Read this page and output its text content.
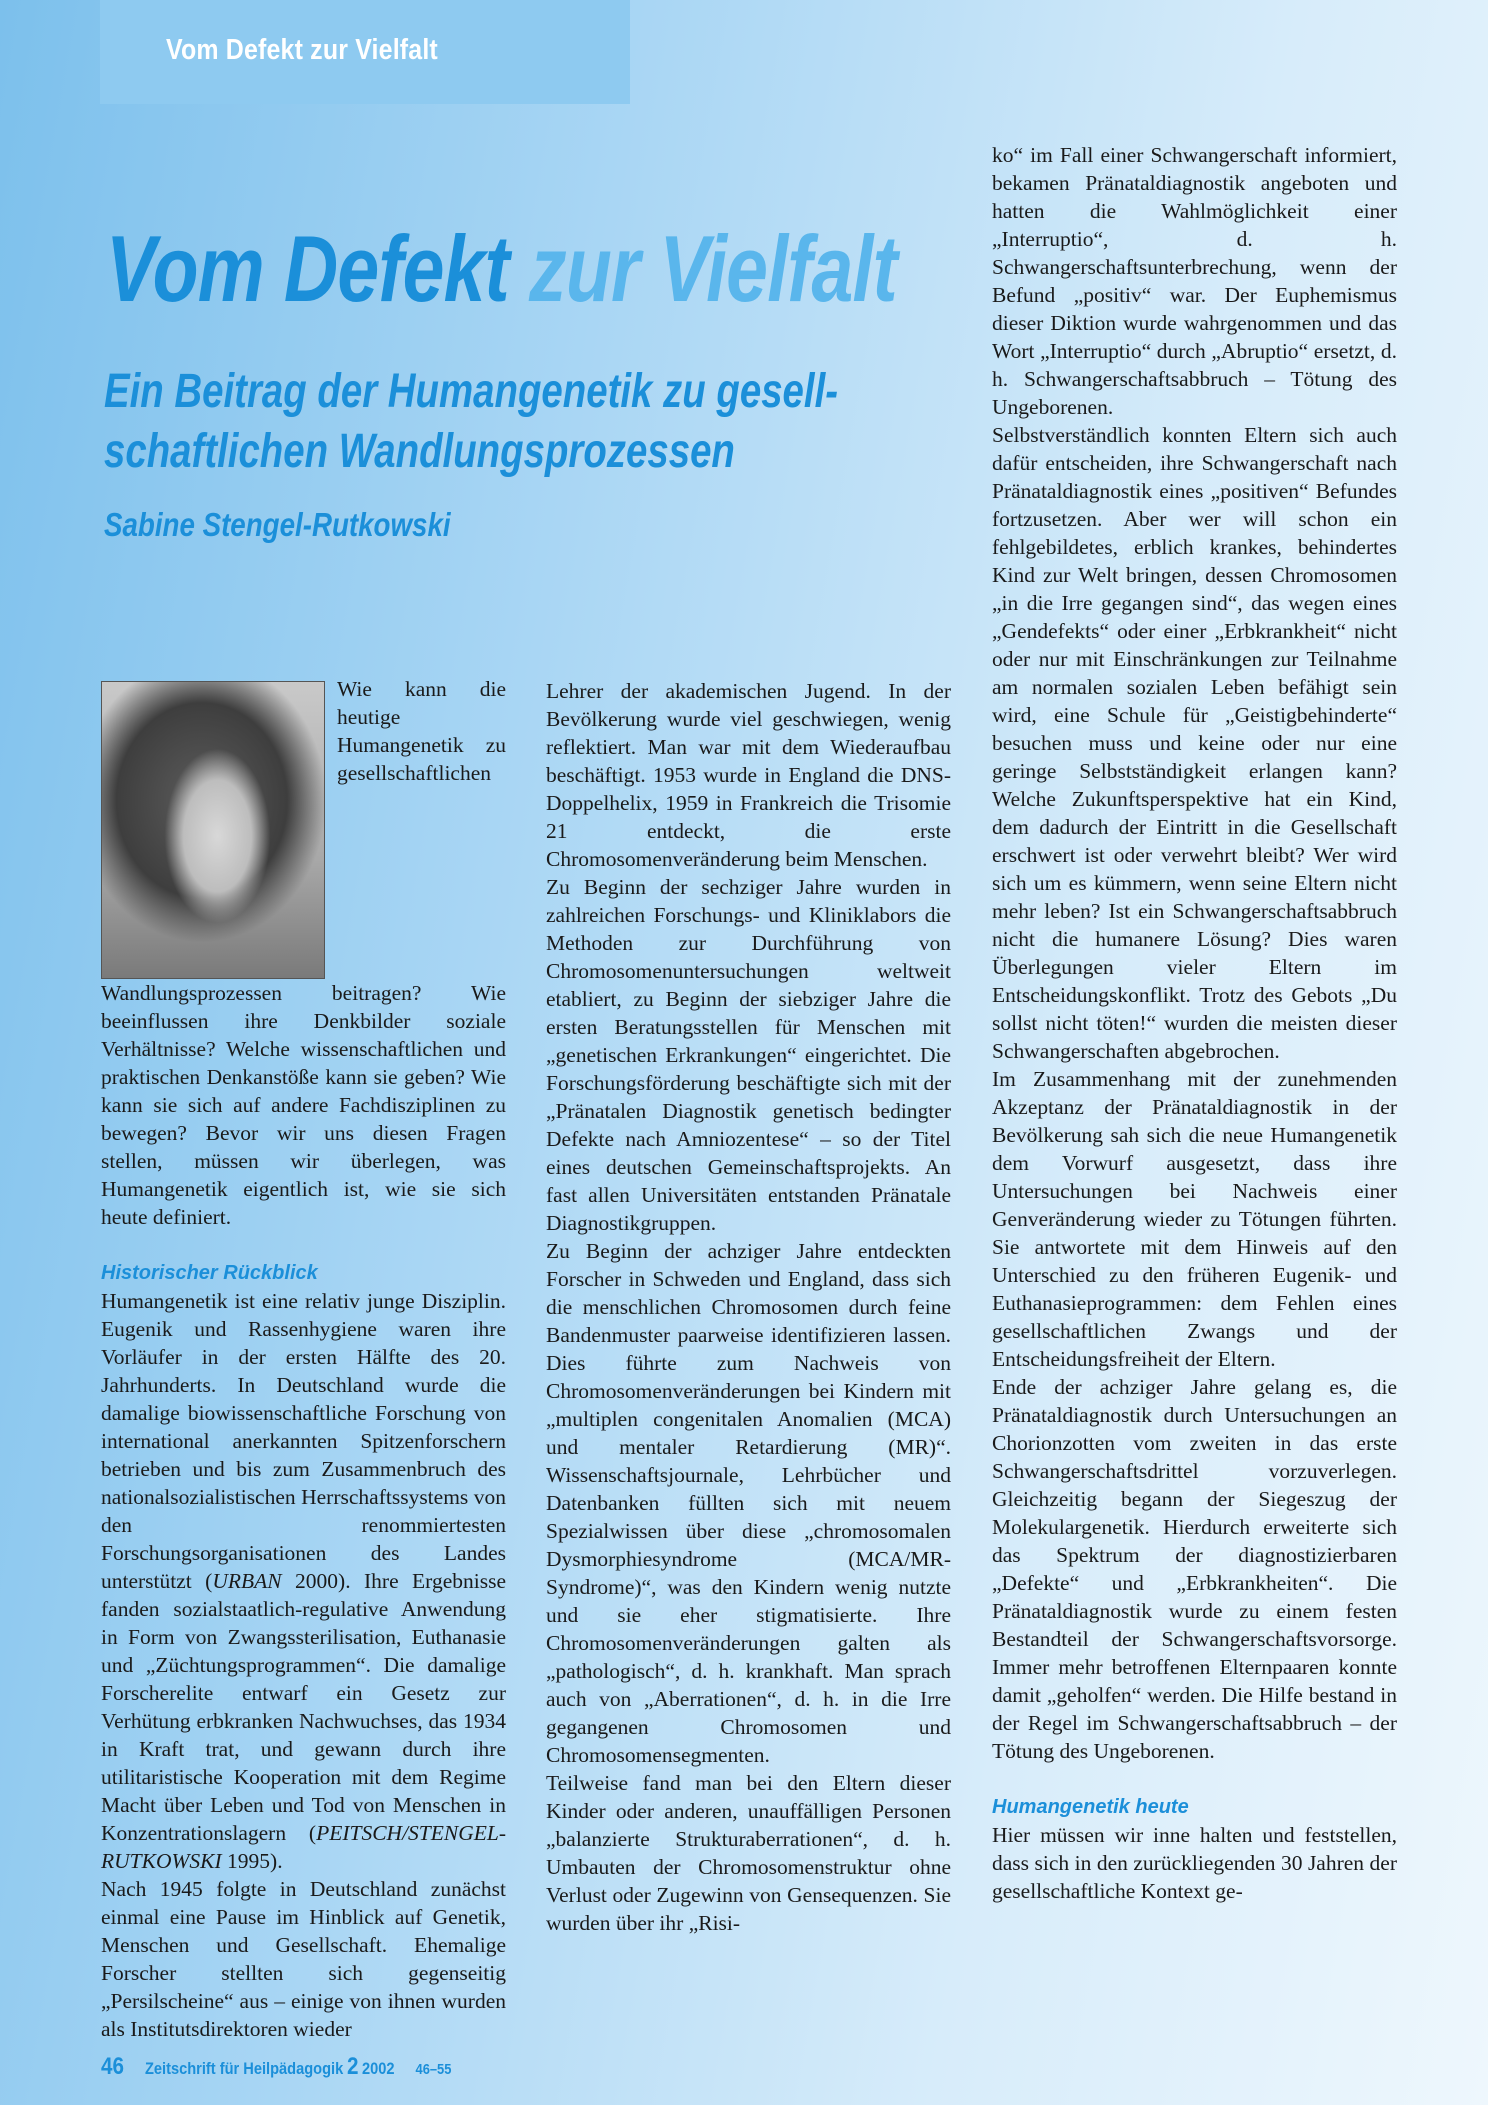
Vom Defekt zur Vielfalt
Vom Defekt zur Vielfalt
Ein Beitrag der Humangenetik zu gesell-
schaftlichen Wandlungsprozessen
Sabine Stengel-Rutkowski

Wie kann die heutige Humangenetik zu gesellschaftlichen Wandlungsprozessen beitragen? Wie beeinflussen ihre Denkbilder soziale Verhältnisse? Welche wissenschaftlichen und praktischen Denkanstöße kann sie geben? Wie kann sie sich auf andere Fachdisziplinen zu bewegen? Bevor wir uns diesen Fragen stellen, müssen wir überlegen, was Humangenetik eigentlich ist, wie sie sich heute definiert.

Historischer Rückblick

Humangenetik ist eine relativ junge Disziplin. Eugenik und Rassenhygiene waren ihre Vorläufer in der ersten Hälfte des 20. Jahrhunderts. In Deutschland wurde die damalige biowissenschaftliche Forschung von international anerkannten Spitzenforschern betrieben und bis zum Zusammenbruch des nationalsozialistischen Herrschaftssystems von den renommiertesten Forschungsorganisationen des Landes unterstützt (URBAN 2000). Ihre Ergebnisse fanden sozialstaatlich-regulative Anwendung in Form von Zwangssterilisation, Euthanasie und „Züchtungsprogrammen“. Die damalige Forscherelite entwarf ein Gesetz zur Verhütung erbkranken Nachwuchses, das 1934 in Kraft trat, und gewann durch ihre utilitaristische Kooperation mit dem Regime Macht über Leben und Tod von Menschen in Konzentrationslagern (PEITSCH/STENGEL-RUTKOWSKI 1995).

Nach 1945 folgte in Deutschland zunächst einmal eine Pause im Hinblick auf Genetik, Menschen und Gesellschaft. Ehemalige Forscher stellten sich gegenseitig „Persilscheine“ aus – einige von ihnen wurden als Institutsdirektoren wieder

Lehrer der akademischen Jugend. In der Bevölkerung wurde viel geschwiegen, wenig reflektiert. Man war mit dem Wiederaufbau beschäftigt. 1953 wurde in England die DNS-Doppelhelix, 1959 in Frankreich die Trisomie 21 entdeckt, die erste Chromosomenveränderung beim Menschen.

Zu Beginn der sechziger Jahre wurden in zahlreichen Forschungs- und Kliniklabors die Methoden zur Durchführung von Chromosomenuntersuchungen weltweit etabliert, zu Beginn der siebziger Jahre die ersten Beratungsstellen für Menschen mit „genetischen Erkrankungen“ eingerichtet. Die Forschungsförderung beschäftigte sich mit der „Pränatalen Diagnostik genetisch bedingter Defekte nach Amniozentese“ – so der Titel eines deutschen Gemeinschaftsprojekts. An fast allen Universitäten entstanden Pränatale Diagnostikgruppen.

Zu Beginn der achziger Jahre entdeckten Forscher in Schweden und England, dass sich die menschlichen Chromosomen durch feine Bandenmuster paarweise identifizieren lassen. Dies führte zum Nachweis von Chromosomenveränderungen bei Kindern mit „multiplen congenitalen Anomalien (MCA) und mentaler Retardierung (MR)“. Wissenschaftsjournale, Lehrbücher und Datenbanken füllten sich mit neuem Spezialwissen über diese „chromosomalen Dysmorphiesyndrome (MCA/MR-Syndrome)“, was den Kindern wenig nutzte und sie eher stigmatisierte. Ihre Chromosomenveränderungen galten als „pathologisch“, d. h. krankhaft. Man sprach auch von „Aberrationen“, d. h. in die Irre gegangenen Chromosomen und Chromosomensegmenten.

Teilweise fand man bei den Eltern dieser Kinder oder anderen, unauffälligen Personen „balanzierte Strukturaberrationen“, d. h. Umbauten der Chromosomenstruktur ohne Verlust oder Zugewinn von Gensequenzen. Sie wurden über ihr „Risi-

ko“ im Fall einer Schwangerschaft informiert, bekamen Pränataldiagnostik angeboten und hatten die Wahlmöglichkeit einer „Interruptio“, d. h. Schwangerschaftsunterbrechung, wenn der Befund „positiv“ war. Der Euphemismus dieser Diktion wurde wahrgenommen und das Wort „Interruptio“ durch „Abruptio“ ersetzt, d. h. Schwangerschaftsabbruch – Tötung des Ungeborenen.

Selbstverständlich konnten Eltern sich auch dafür entscheiden, ihre Schwangerschaft nach Pränataldiagnostik eines „positiven“ Befundes fortzusetzen. Aber wer will schon ein fehlgebildetes, erblich krankes, behindertes Kind zur Welt bringen, dessen Chromosomen „in die Irre gegangen sind“, das wegen eines „Gendefekts“ oder einer „Erbkrankheit“ nicht oder nur mit Einschränkungen zur Teilnahme am normalen sozialen Leben befähigt sein wird, eine Schule für „Geistigbehinderte“ besuchen muss und keine oder nur eine geringe Selbstständigkeit erlangen kann? Welche Zukunftsperspektive hat ein Kind, dem dadurch der Eintritt in die Gesellschaft erschwert ist oder verwehrt bleibt? Wer wird sich um es kümmern, wenn seine Eltern nicht mehr leben? Ist ein Schwangerschaftsabbruch nicht die humanere Lösung? Dies waren Überlegungen vieler Eltern im Entscheidungskonflikt. Trotz des Gebots „Du sollst nicht töten!“ wurden die meisten dieser Schwangerschaften abgebrochen.

Im Zusammenhang mit der zunehmenden Akzeptanz der Pränataldiagnostik in der Bevölkerung sah sich die neue Humangenetik dem Vorwurf ausgesetzt, dass ihre Untersuchungen bei Nachweis einer Genveränderung wieder zu Tötungen führten. Sie antwortete mit dem Hinweis auf den Unterschied zu den früheren Eugenik- und Euthanasieprogrammen: dem Fehlen eines gesellschaftlichen Zwangs und der Entscheidungsfreiheit der Eltern.

Ende der achziger Jahre gelang es, die Pränataldiagnostik durch Untersuchungen an Chorionzotten vom zweiten in das erste Schwangerschaftsdrittel vorzuverlegen. Gleichzeitig begann der Siegeszug der Molekulargenetik. Hierdurch erweiterte sich das Spektrum der diagnostizierbaren „Defekte“ und „Erbkrankheiten“. Die Pränataldiagnostik wurde zu einem festen Bestandteil der Schwangerschaftsvorsorge. Immer mehr betroffenen Elternpaaren konnte damit „geholfen“ werden. Die Hilfe bestand in der Regel im Schwangerschaftsabbruch – der Tötung des Ungeborenen.

Humangenetik heute

Hier müssen wir inne halten und feststellen, dass sich in den zurückliegenden 30 Jahren der gesellschaftliche Kontext ge-

46 Zeitschrift für Heilpädagogik 2 2002 46–55
